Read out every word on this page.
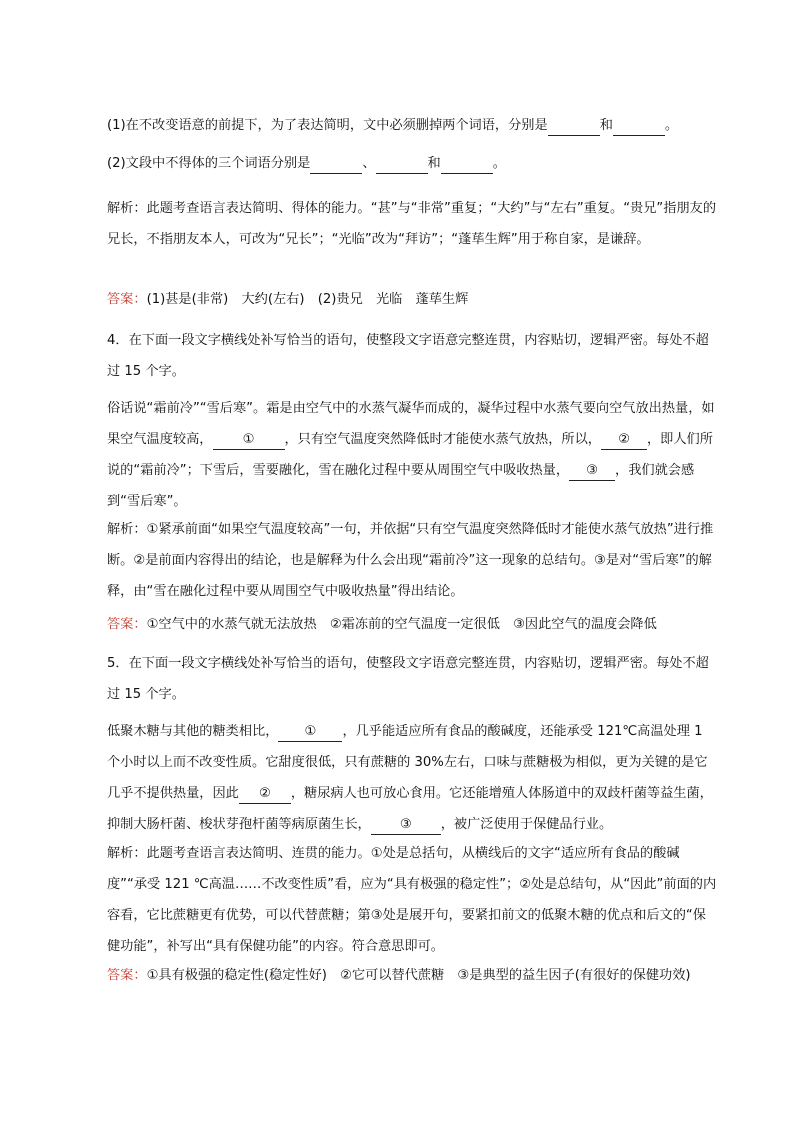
(1)在不改变语意的前提下，为了表达简明，文中必须删掉两个词语，分别是	和	。

(2)文段中不得体的三个词语分别是	、	和	。

解析：此题考查语言表达简明、得体的能力。“甚”与“非常”重复；“大约”与“左右”重复。“贵兄”指朋友的兄长，不指朋友本人，可改为“兄长”；“光临”改为“拜访”；“蓬荜生辉”用于称自家，是谦辞。

答案：(1)甚是(非常)　大约(左右)　(2)贵兄　光临　蓬荜生辉

4．在下面一段文字横线处补写恰当的语句，使整段文字语意完整连贯，内容贴切，逻辑严密。每处不超过 15 个字。

俗话说“霜前冷”“雪后寒”。霜是由空气中的水蒸气凝华而成的，凝华过程中水蒸气要向空气放出热量，如果空气温度较高， ① ，只有空气温度突然降低时才能使水蒸气放热，所以， ② ，即人们所说的“霜前冷”；下雪后，雪要融化，雪在融化过程中要从周围空气中吸收热量， ③ ，我们就会感到“雪后寒”。

解析：①紧承前面“如果空气温度较高”一句，并依据“只有空气温度突然降低时才能使水蒸气放热”进行推断。②是前面内容得出的结论，也是解释为什么会出现“霜前冷”这一现象的总结句。③是对“雪后寒”的解释，由“雪在融化过程中要从周围空气中吸收热量”得出结论。

答案：①空气中的水蒸气就无法放热　②霜冻前的空气温度一定很低　③因此空气的温度会降低

5．在下面一段文字横线处补写恰当的语句，使整段文字语意完整连贯，内容贴切，逻辑严密。每处不超过 15 个字。

低聚木糖与其他的糖类相比， ① ，几乎能适应所有食品的酸碱度，还能承受 121℃高温处理 1 个小时以上而不改变性质。它甜度很低，只有蔗糖的 30%左右，口味与蔗糖极为相似，更为关键的是它几乎不提供热量，因此 ② ，糖尿病人也可放心食用。它还能增殖人体肠道中的双歧杆菌等益生菌，抑制大肠杆菌、梭状芽孢杆菌等病原菌生长， ③ ，被广泛使用于保健品行业。

解析：此题考查语言表达简明、连贯的能力。①处是总括句，从横线后的文字“适应所有食品的酸碱度”“承受 121 ℃高温……不改变性质”看，应为“具有极强的稳定性”；②处是总结句，从“因此”前面的内容看，它比蔗糖更有优势，可以代替蔗糖；第③处是展开句，要紧扣前文的低聚木糖的优点和后文的“保健功能”，补写出“具有保健功能”的内容。符合意思即可。

答案：①具有极强的稳定性(稳定性好)　②它可以替代蔗糖　③是典型的益生因子(有很好的保健功效)
